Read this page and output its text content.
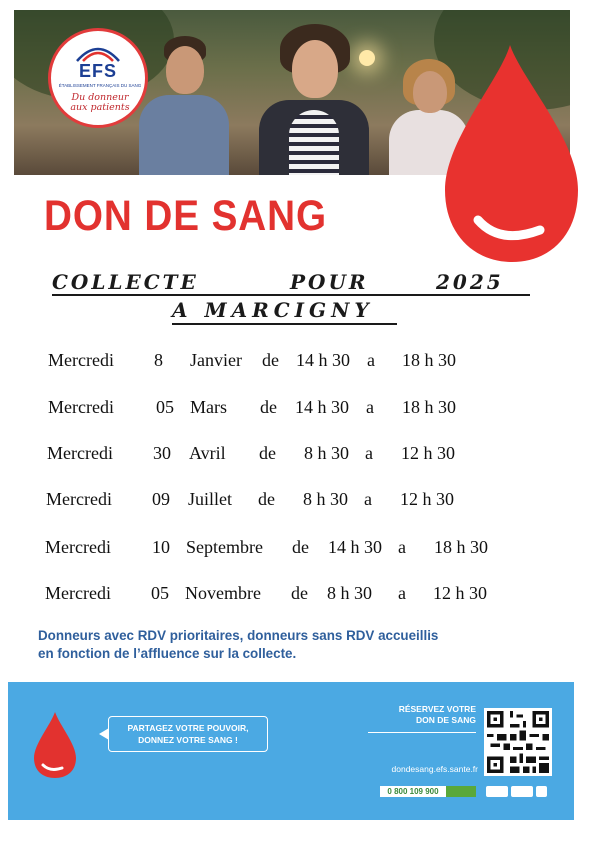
EFS
ÉTABLISSEMENT FRANÇAIS DU SANG
Du donneur
aux patients
DON DE SANG
COLLECTE	POUR	2025
A MARCIGNY
Mercredi 8 Janvier de 14 h 30 a 18 h 30
Mercredi 05 Mars de 14 h 30 a 18 h 30
Mercredi 30 Avril de 8 h 30 a 12 h 30
Mercredi 09 Juillet de 8 h 30 a 12 h 30
Mercredi 10 Septembre de 14 h 30 a 18 h 30
Mercredi 05 Novembre de 8 h 30 a 12 h 30
Donneurs avec RDV prioritaires, donneurs sans RDV accueillis
en fonction de l’affluence sur la collecte.
PARTAGEZ VOTRE POUVOIR,
DONNEZ VOTRE SANG !
RÉSERVEZ VOTRE
DON DE SANG
dondesang.efs.sante.fr
0 800 109 900
